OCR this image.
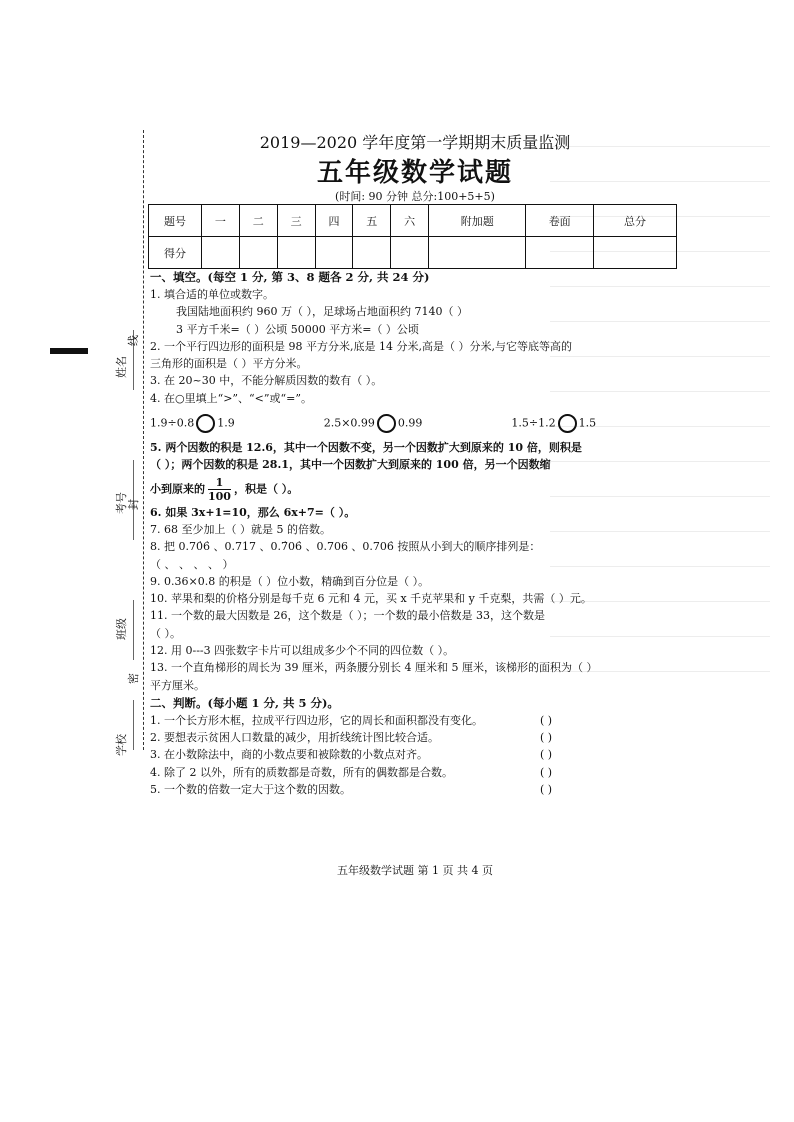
姓名
线
考号 封
班级
密
学校
2019—2020 学年度第一学期期末质量监测
五年级数学试题
(时间: 90 分钟 总分:100+5+5)
题号	一	二	三	四	五	六	附加题	卷面	总分
得分									
一、填空。(每空 1 分, 第 3、8 题各 2 分, 共 24 分)
1. 填合适的单位或数字。
我国陆地面积约 960 万（ ），足球场占地面积约 7140（ ）
3 平方千米=（ ）公顷 50000 平方米=（ ）公顷
2. 一个平行四边形的面积是 98 平方分米,底是 14 分米,高是（ ）分米,与它等底等高的
三角形的面积是（ ）平方分米。
3. 在 20~30 中，不能分解质因数的数有（ ）。
4. 在○里填上“>”、“<”或“=”。
1.9÷0.8 1.9	2.5×0.99 0.99	1.5÷1.2 1.5
5. 两个因数的积是 12.6，其中一个因数不变，另一个因数扩大到原来的 10 倍，则积是
（ ）；两个因数的积是 28.1，其中一个因数扩大到原来的 100 倍，另一个因数缩
小到原来的 $\frac{1}{100}$ ，积是（ ）。
6. 如果 3x+1=10，那么 6x+7=（ ）。
7. 68 至少加上（ ）就是 5 的倍数。
8. 把 0.70̇6̇ 、0.717 、0.7̇06̇ 、0.706 、0.706̇ 按照从小到大的顺序排列是：
（ 、 、 、 、 ）
9. 0.36×0.8 的积是（ ）位小数，精确到百分位是（ ）。
10. 苹果和梨的价格分别是每千克 6 元和 4 元，买 x 千克苹果和 y 千克梨，共需（ ）元。
11. 一个数的最大因数是 26，这个数是（ ）；一个数的最小倍数是 33，这个数是
（ ）。
12. 用 0---3 四张数字卡片可以组成多少个不同的四位数（ ）。
13. 一个直角梯形的周长为 39 厘米，两条腰分别长 4 厘米和 5 厘米，该梯形的面积为（ ）
平方厘米。
二、判断。(每小题 1 分, 共 5 分)。
1. 一个长方形木框，拉成平行四边形，它的周长和面积都没有变化。	( )
2. 要想表示贫困人口数量的减少，用折线统计图比较合适。	( )
3. 在小数除法中，商的小数点要和被除数的小数点对齐。	( )
4. 除了 2 以外，所有的质数都是奇数，所有的偶数都是合数。	( )
5. 一个数的倍数一定大于这个数的因数。	( )
五年级数学试题 第 1 页 共 4 页
